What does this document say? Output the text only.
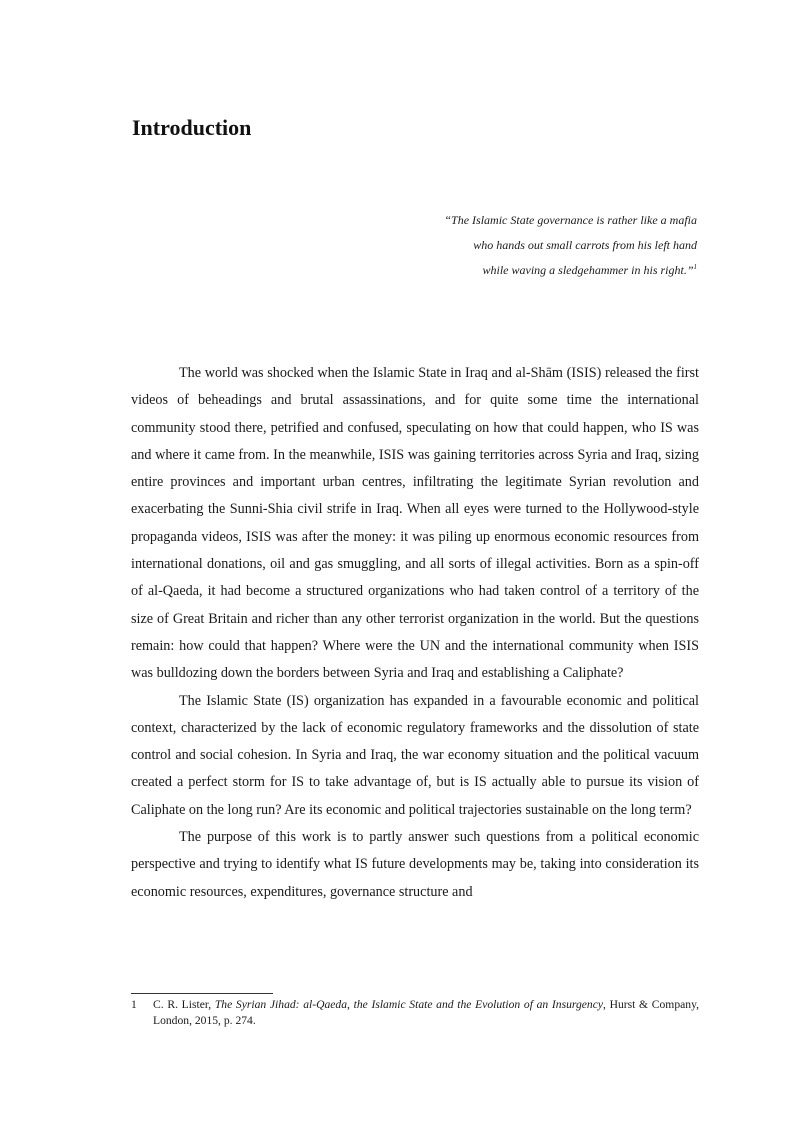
Introduction
“The Islamic State governance is rather like a mafia
who hands out small carrots from his left hand
while waving a sledgehammer in his right.”$^1$

The world was shocked when the Islamic State in Iraq and al-Shām (ISIS) released the first videos of beheadings and brutal assassinations, and for quite some time the international community stood there, petrified and confused, speculating on how that could happen, who IS was and where it came from. In the meanwhile, ISIS was gaining territories across Syria and Iraq, sizing entire provinces and important urban centres, infiltrating the legitimate Syrian revolution and exacerbating the Sunni-Shia civil strife in Iraq. When all eyes were turned to the Hollywood-style propaganda videos, ISIS was after the money: it was piling up enormous economic resources from international donations, oil and gas smuggling, and all sorts of illegal activities. Born as a spin-off of al-Qaeda, it had become a structured organizations who had taken control of a territory of the size of Great Britain and richer than any other terrorist organization in the world. But the questions remain: how could that happen? Where were the UN and the international community when ISIS was bulldozing down the borders between Syria and Iraq and establishing a Caliphate?

The Islamic State (IS) organization has expanded in a favourable economic and political context, characterized by the lack of economic regulatory frameworks and the dissolution of state control and social cohesion. In Syria and Iraq, the war economy situation and the political vacuum created a perfect storm for IS to take advantage of, but is IS actually able to pursue its vision of Caliphate on the long run? Are its economic and political trajectories sustainable on the long term?

The purpose of this work is to partly answer such questions from a political economic perspective and trying to identify what IS future developments may be, taking into consideration its economic resources, expenditures, governance structure and

1	C. R. Lister, The Syrian Jihad: al-Qaeda, the Islamic State and the Evolution of an Insurgency, Hurst & Company, London, 2015, p. 274.
